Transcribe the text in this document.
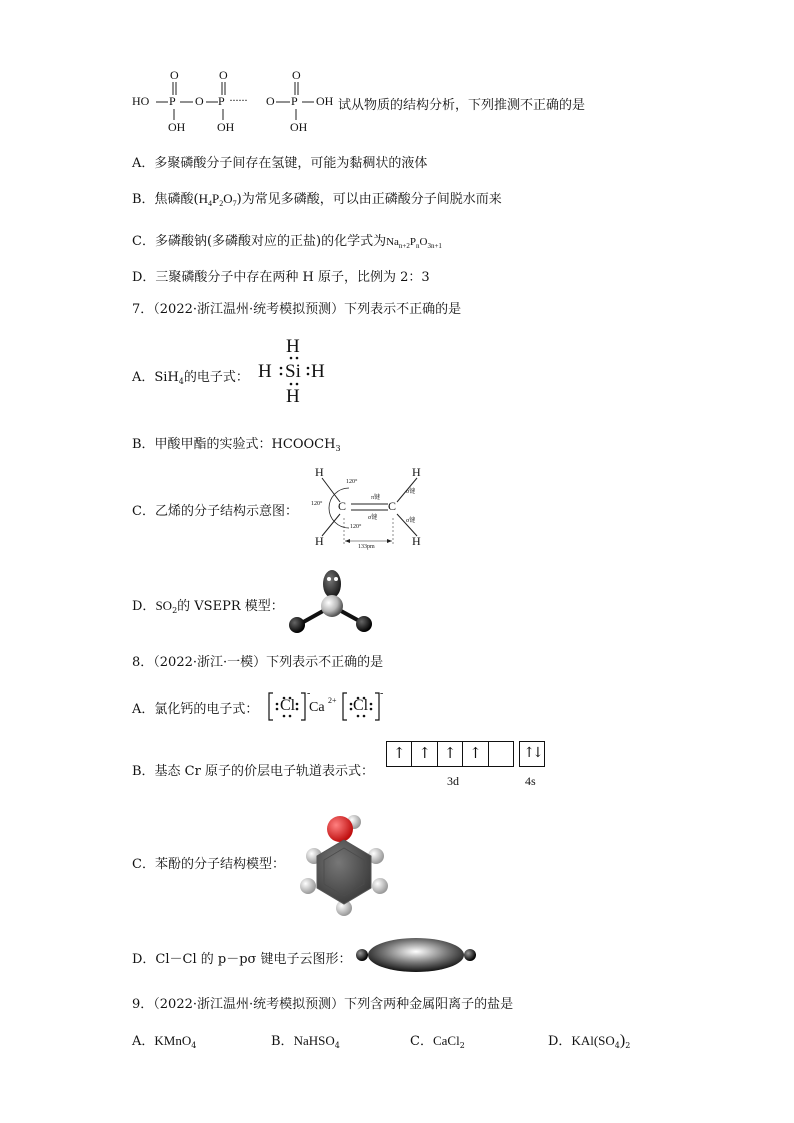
O	O	O
HO P O P ······ O P OH
OH	OH	OH
试从物质的结构分析，下列推测不正确的是
A．多聚磷酸分子间存在氢键，可能为黏稠状的液体
B．焦磷酸$(H_4P_2O_7)$为常见多磷酸，可以由正磷酸分子间脱水而来
C．多磷酸钠(多磷酸对应的正盐)的化学式为$Na_{n+2}P_nO_{3n+1}$
D．三聚磷酸分子中存在两种 H 原子，比例为 2：3
7．（2022·浙江温州·统考模拟预测）下列表示不正确的是
A．SiH$_4$的电子式：
H
H Si H
H
B．甲酸甲酯的实验式：$HCOOCH_3$
C．乙烯的分子结构示意图：
H
H
H
H
C	C
120°
120°
120°
π键
σ键
σ键
σ键
133pm
D．$SO_2$的 VSEPR 模型：
8．（2022·浙江·一模）下列表示不正确的是
A．氯化钙的电子式： Cl
-
Ca 2+ Cl
-
B．基态 Cr 原子的价层电子轨道表示式：
↑ ↑ ↑ ↑	↑↓
3d	4s
C．苯酚的分子结构模型：
D．Cl－Cl 的 p－pσ 键电子云图形：
9．（2022·浙江温州·统考模拟预测）下列含两种金属阳离子的盐是
A．KMnO$_4$	B．NaHSO$_4$	C．CaCl$_2$	D．$KAl(SO_4)_2$
